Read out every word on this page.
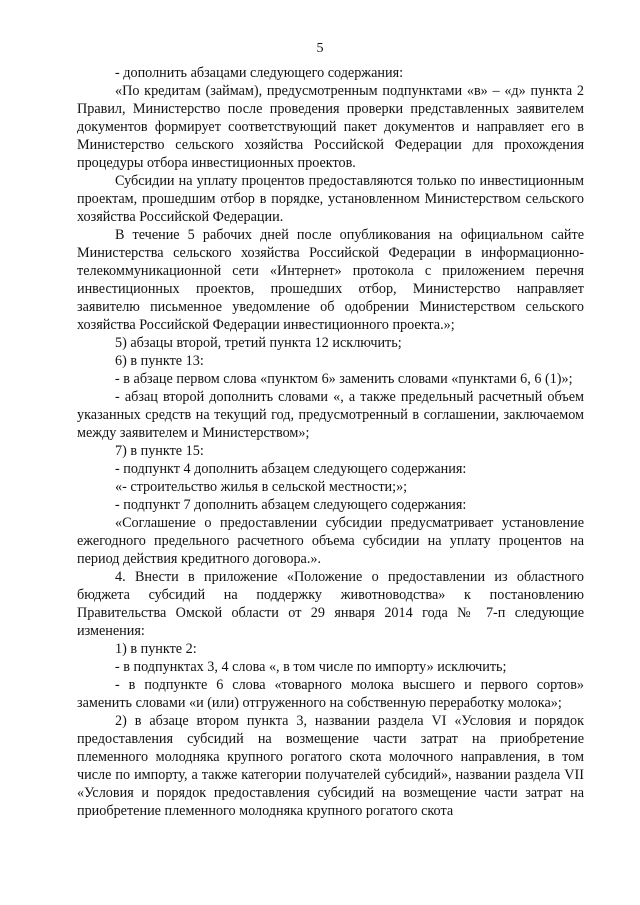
5

- дополнить абзацами следующего содержания:

«По кредитам (займам), предусмотренным подпунктами «в» – «д» пункта 2 Правил, Министерство после проведения проверки представленных заявителем документов формирует соответствующий пакет документов и направляет его в Министерство сельского хозяйства Российской Федерации для прохождения процедуры отбора инвестиционных проектов.

Субсидии на уплату процентов предоставляются только по инвестиционным проектам, прошедшим отбор в порядке, установленном Министерством сельского хозяйства Российской Федерации.

В течение 5 рабочих дней после опубликования на официальном сайте Министерства сельского хозяйства Российской Федерации в информационно-телекоммуникационной сети «Интернет» протокола с приложением перечня инвестиционных проектов, прошедших отбор, Министерство направляет заявителю письменное уведомление об одобрении Министерством сельского хозяйства Российской Федерации инвестиционного проекта.»;

5) абзацы второй, третий пункта 12 исключить;

6) в пункте 13:

- в абзаце первом слова «пунктом 6» заменить словами «пунктами 6, 6 (1)»;

- абзац второй дополнить словами «, а также предельный расчетный объем указанных средств на текущий год, предусмотренный в соглашении, заключаемом между заявителем и Министерством»;

7) в пункте 15:

- подпункт 4 дополнить абзацем следующего содержания:

«- строительство жилья в сельской местности;»;

- подпункт 7 дополнить абзацем следующего содержания:

«Соглашение о предоставлении субсидии предусматривает установление ежегодного предельного расчетного объема субсидии на уплату процентов на период действия кредитного договора.».

4. Внести в приложение «Положение о предоставлении из областного бюджета субсидий на поддержку животноводства» к постановлению Правительства Омской области от 29 января 2014 года № 7-п следующие изменения:

1) в пункте 2:

- в подпунктах 3, 4 слова «, в том числе по импорту» исключить;

- в подпункте 6 слова «товарного молока высшего и первого сортов» заменить словами «и (или) отгруженного на собственную переработку молока»;

2) в абзаце втором пункта 3, названии раздела VI «Условия и порядок предоставления субсидий на возмещение части затрат на приобретение племенного молодняка крупного рогатого скота молочного направления, в том числе по импорту, а также категории получателей субсидий», названии раздела VII «Условия и порядок предоставления субсидий на возмещение части затрат на приобретение племенного молодняка крупного рогатого скота
